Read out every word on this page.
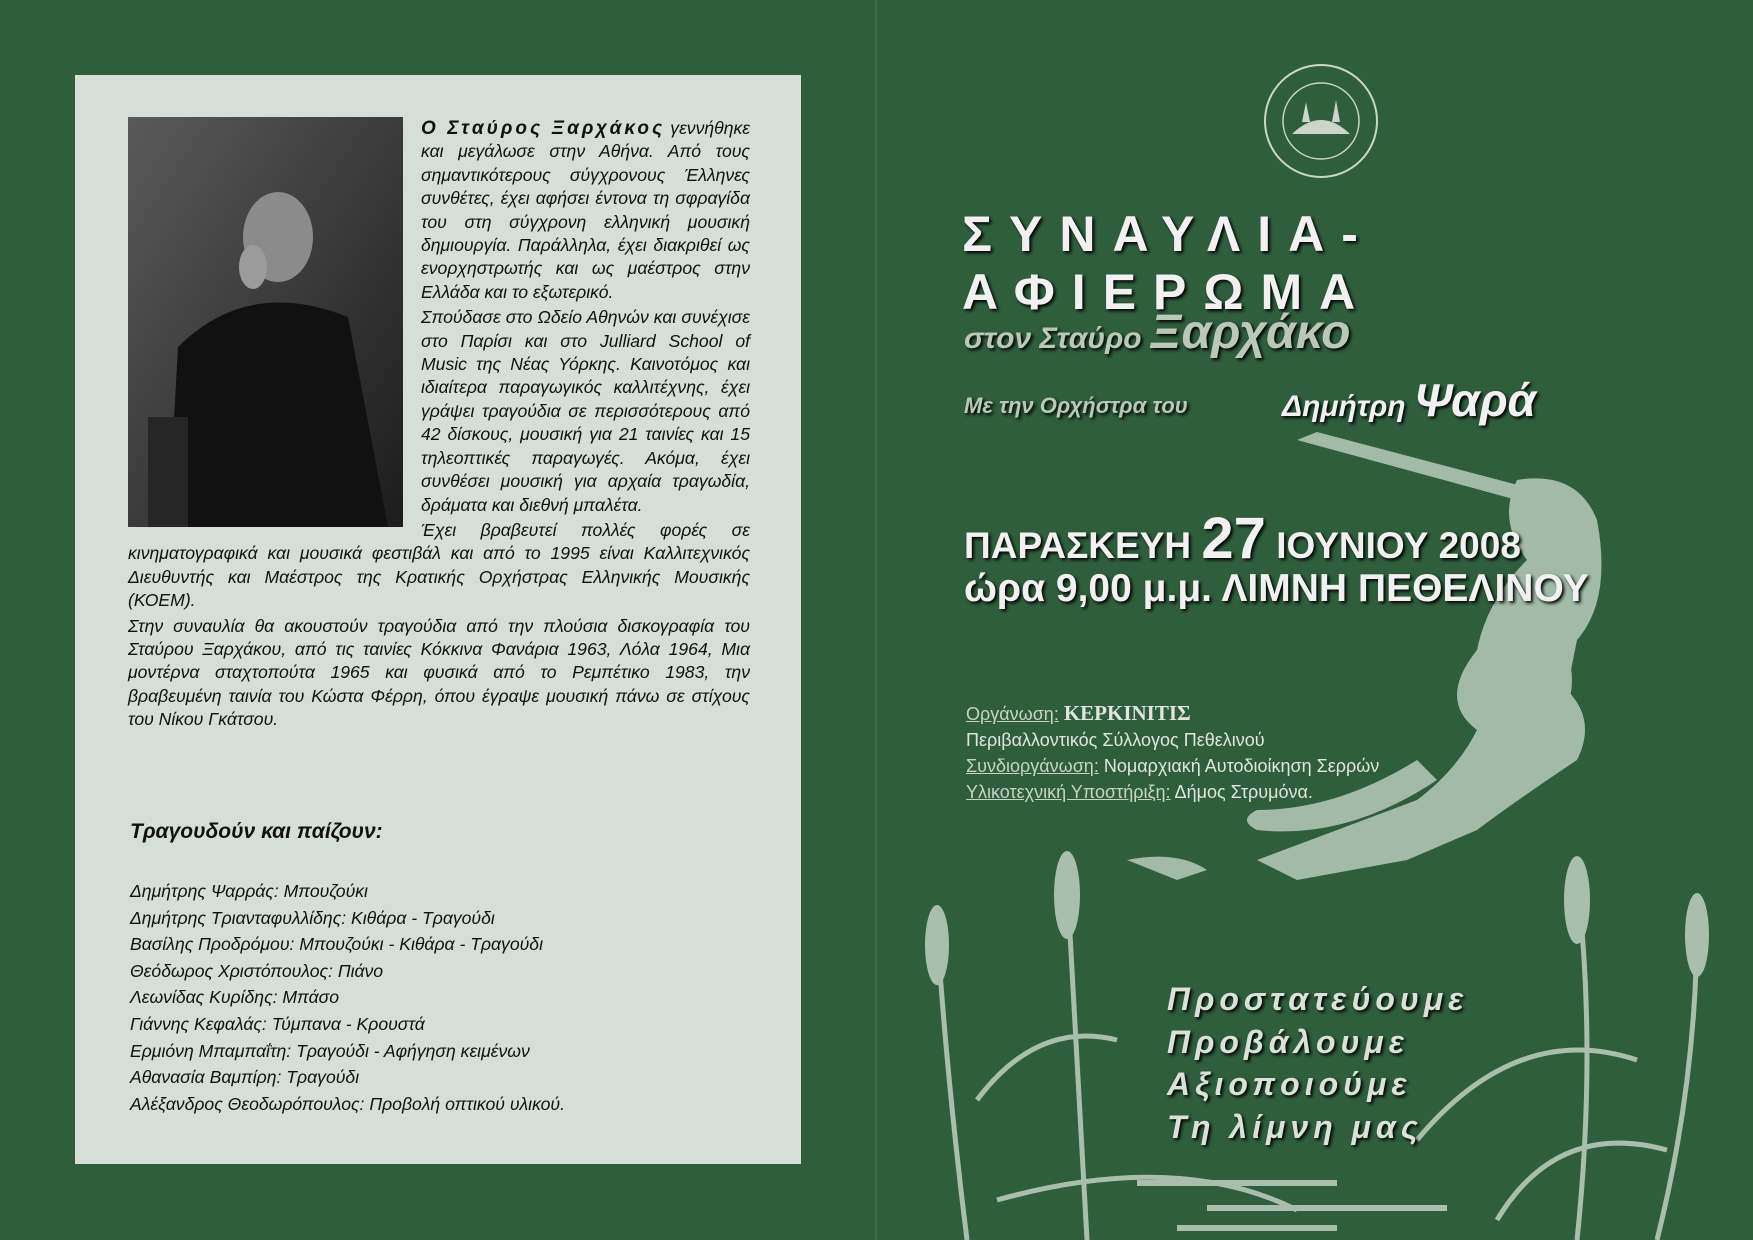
Ο Σταύρος Ξαρχάκος γεννήθηκε και μεγάλωσε στην Αθήνα. Από τους σημαντικότερους σύγχρονους Έλληνες συνθέτες, έχει αφήσει έντονα τη σφραγίδα του στη σύγχρονη ελληνική μουσική δημιουργία. Παράλληλα, έχει διακριθεί ως ενορχηστρωτής και ως μαέστρος στην Ελλάδα και το εξωτερικό.

Σπούδασε στο Ωδείο Αθηνών και συνέχισε στο Παρίσι και στο Julliard School of Music της Νέας Υόρκης. Καινοτόμος και ιδιαίτερα παραγωγικός καλλιτέχνης, έχει γράψει τραγούδια σε περισσότερους από 42 δίσκους, μουσική για 21 ταινίες και 15 τηλεοπτικές παραγωγές. Ακόμα, έχει συνθέσει μουσική για αρχαία τραγωδία, δράματα και διεθνή μπαλέτα.

Έχει βραβευτεί πολλές φορές σε κινηματογραφικά και μουσικά φεστιβάλ και από το 1995 είναι Καλλιτεχνικός Διευθυντής και Μαέστρος της Κρατικής Ορχήστρας Ελληνικής Μουσικής (ΚΟΕΜ).

Στην συναυλία θα ακουστούν τραγούδια από την πλούσια δισκογραφία του Σταύρου Ξαρχάκου, από τις ταινίες Κόκκινα Φανάρια 1963, Λόλα 1964, Μια μοντέρνα σταχτοπούτα 1965 και φυσικά από το Ρεμπέτικο 1983, την βραβευμένη ταινία του Κώστα Φέρρη, όπου έγραψε μουσική πάνω σε στίχους του Νίκου Γκάτσου.

Τραγουδούν και παίζουν:
Δημήτρης Ψαρράς: Μπουζούκι
Δημήτρης Τριανταφυλλίδης: Κιθάρα - Τραγούδι
Βασίλης Προδρόμου: Μπουζούκι - Κιθάρα - Τραγούδι
Θεόδωρος Χριστόπουλος: Πιάνο
Λεωνίδας Κυρίδης: Μπάσο
Γιάννης Κεφαλάς: Τύμπανα - Κρουστά
Ερμιόνη Μπαμπαΐτη: Τραγούδι - Αφήγηση κειμένων
Αθανασία Βαμπίρη: Τραγούδι
Αλέξανδρος Θεοδωρόπουλος: Προβολή οπτικού υλικού.
ΣΥΝΑΥΛΙΑ-ΑΦΙΕΡΩΜΑ
στον Σταύρο Ξαρχάκο
Με την Ορχήστρα του	Δημήτρη Ψαρά
ΠΑΡΑΣΚΕΥΗ 27 ΙΟΥΝΙΟΥ 2008
ώρα 9,00 μ.μ. ΛΙΜΝΗ ΠΕΘΕΛΙΝΟΥ
Οργάνωση: ΚΕΡΚΙΝΙΤΙΣ
Περιβαλλοντικός Σύλλογος Πεθελινού
Συνδιοργάνωση: Νομαρχιακή Αυτοδιοίκηση Σερρών
Υλικοτεχνική Υποστήριξη: Δήμος Στρυμόνα.
Προστατεύουμε
Προβάλουμε
Αξιοποιούμε
Τη λίμνη μας
